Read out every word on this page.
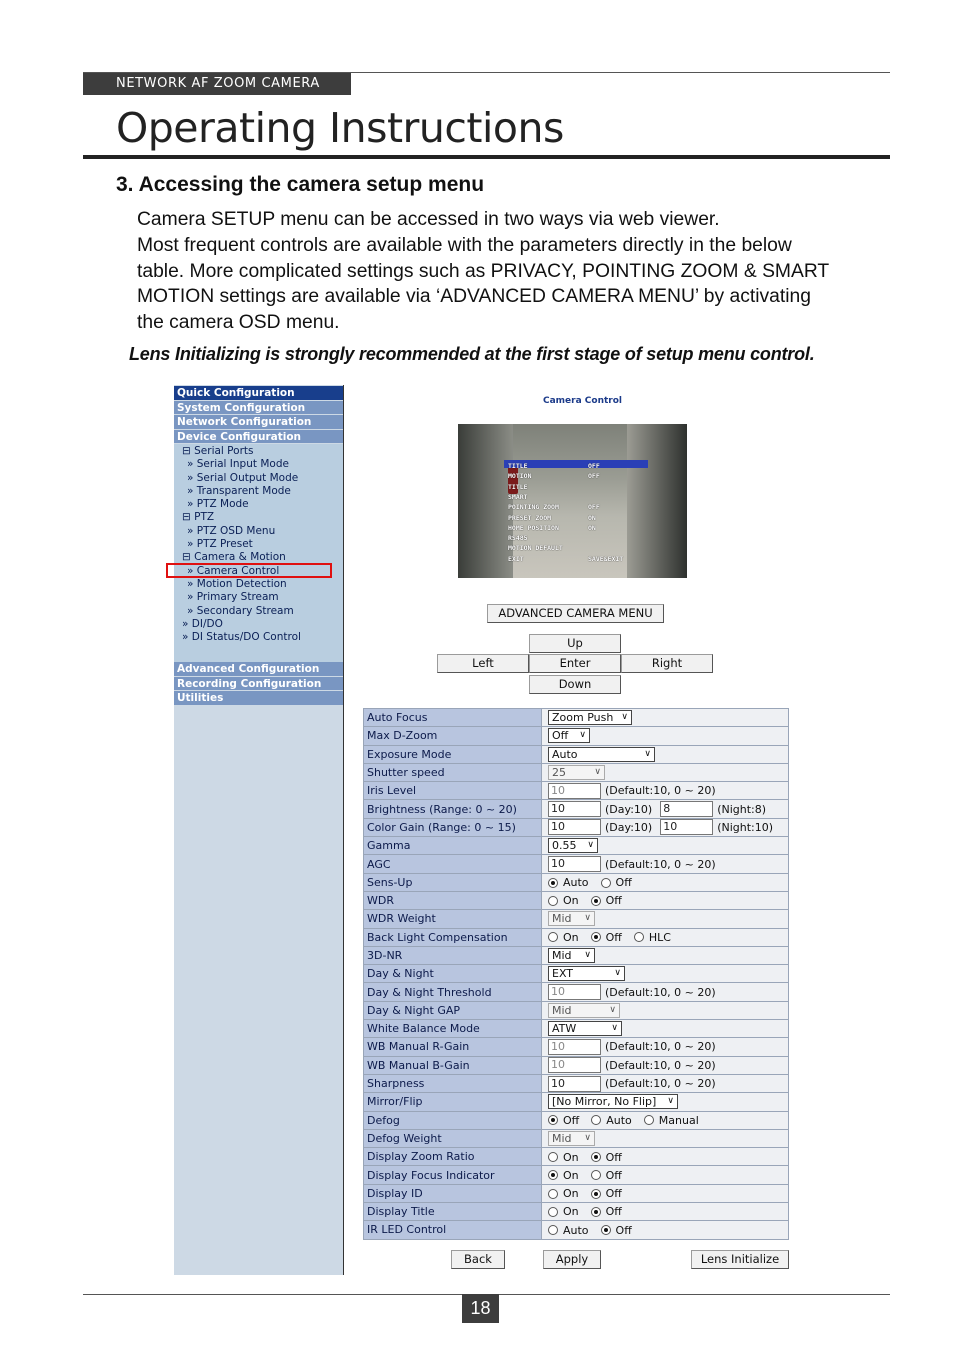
NETWORK AF ZOOM CAMERA
Operating Instructions
3. Accessing the camera setup menu
Camera SETUP menu can be accessed in two ways via web viewer.
Most frequent controls are available with the parameters directly in the below
table. More complicated settings such as PRIVACY, POINTING ZOOM & SMART
MOTION settings are available via ‘ADVANCED CAMERA MENU’ by activating
the camera OSD menu.
Lens Initializing is strongly recommended at the first stage of setup menu control.
Quick Configuration
System Configuration
Network Configuration
Device Configuration
⊟ Serial Ports
» Serial Input Mode
» Serial Output Mode
» Transparent Mode
» PTZ Mode
⊟ PTZ
» PTZ OSD Menu
» PTZ Preset
⊟ Camera & Motion
» Camera Control
» Motion Detection
» Primary Stream
» Secondary Stream
» DI/DO
» DI Status/DO Control
Advanced Configuration
Recording Configuration
Utilities
Camera Control
TITLE	OFF
MOTION	OFF
TITLE
SMART
POINTING ZOOM	OFF
PRESET ZOOM	ON
HOME POSITION	ON
RS485
MOTION DEFAULT
EXIT	SAVE&EXIT
ADVANCED CAMERA MENU
Up
Left	Enter	Right
Down
Auto Focus	Zoom Push ∨

Max D-Zoom	Off ∨

Exposure Mode	Auto ∨

Shutter speed	25 ∨

Iris Level	10 (Default:10, 0 ~ 20)
Brightness (Range: 0 ~ 20)	10 (Day:10) 8 (Night:8)
Color Gain (Range: 0 ~ 15)	10 (Day:10) 10 (Night:10)
Gamma	0.55 ∨

AGC	10 (Default:10, 0 ~ 20)
Sens-Up	Auto Off
WDR	On Off
WDR Weight	Mid ∨

Back Light Compensation	On Off HLC
3D-NR	Mid ∨

Day & Night	EXT ∨

Day & Night Threshold	10 (Default:10, 0 ~ 20)
Day & Night GAP	Mid ∨

White Balance Mode	ATW ∨

WB Manual R-Gain	10 (Default:10, 0 ~ 20)
WB Manual B-Gain	10 (Default:10, 0 ~ 20)
Sharpness	10 (Default:10, 0 ~ 20)
Mirror/Flip	[No Mirror, No Flip] ∨

Defog	Off Auto Manual
Defog Weight	Mid ∨

Display Zoom Ratio	On Off
Display Focus Indicator	On Off
Display ID	On Off
Display Title	On Off
IR LED Control	Auto Off
Back	Apply	Lens Initialize
18
